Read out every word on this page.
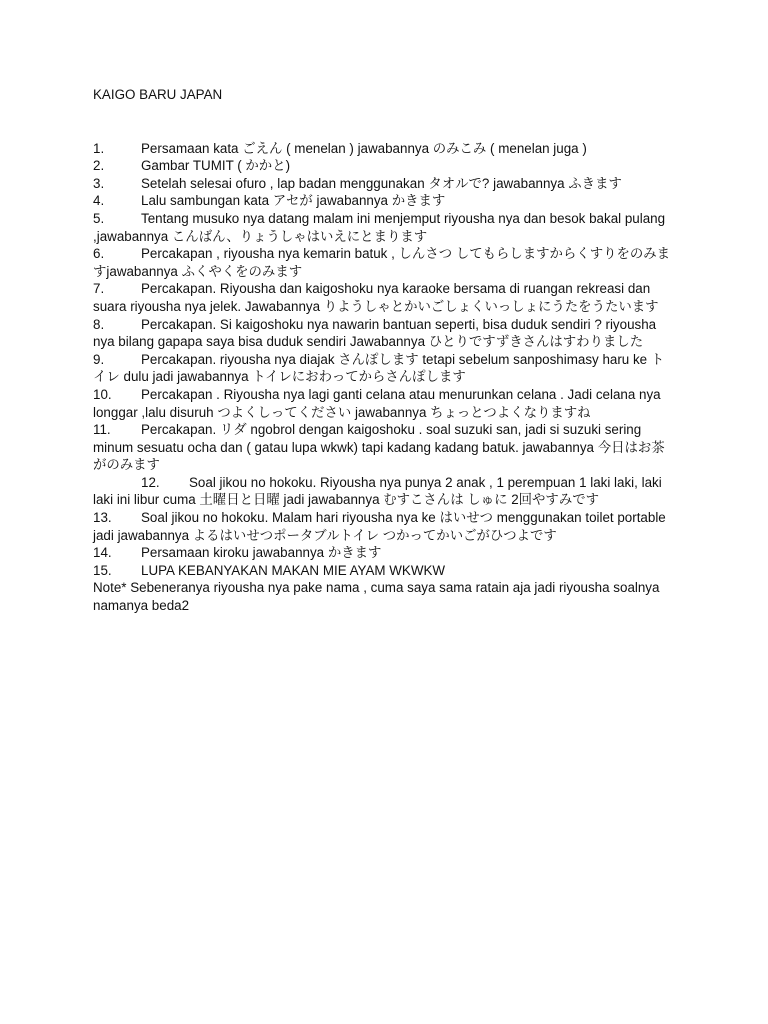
KAIGO BARU JAPAN
1.	Persamaan kata ごえん ( menelan ) jawabannya のみこみ ( menelan juga )
2.	Gambar TUMIT ( かかと)
3.	Setelah selesai ofuro , lap badan menggunakan タオルで? jawabannya ふきます
4.	Lalu sambungan kata アセが jawabannya かきます
5.	Tentang musuko nya datang malam ini menjemput riyousha nya dan besok bakal pulang ,jawabannya こんばん、りょうしゃはいえにとまります
6.	Percakapan , riyousha nya kemarin batuk , しんさつ してもらしますからくすりをのみますjawabannya ふくやくをのみます
7.	Percakapan. Riyousha dan kaigoshoku nya karaoke bersama di ruangan rekreasi dan suara riyousha nya jelek. Jawabannya りようしゃとかいごしょくいっしょにうたをうたいます
8.	Percakapan. Si kaigoshoku nya nawarin bantuan seperti, bisa duduk sendiri ? riyousha nya bilang gapapa saya bisa duduk sendiri Jawabannya ひとりですずきさんはすわりました
9.	Percakapan. riyousha nya diajak さんぽします tetapi sebelum sanposhimasy haru ke トイレ dulu jadi jawabannya トイレにおわってからさんぽします
10. Percakapan . Riyousha nya lagi ganti celana atau menurunkan celana . Jadi celana nya longgar ,lalu disuruh つよくしってください jawabannya ちょっとつよくなりますね
11. Percakapan. リダ ngobrol dengan kaigoshoku . soal suzuki san, jadi si suzuki sering minum sesuatu ocha dan ( gatau lupa wkwk) tapi kadang kadang batuk. jawabannya 今日はお茶がのみます
12. Soal jikou no hokoku. Riyousha nya punya 2 anak , 1 perempuan 1 laki laki, laki laki ini libur cuma 土曜日と日曜 jadi jawabannya むすこさんは しゅに 2回やすみです
13. Soal jikou no hokoku. Malam hari riyousha nya ke はいせつ menggunakan toilet portable jadi jawabannya よるはいせつポータブルトイレ つかってかいごがひつよです
14. Persamaan kiroku jawabannya かきます
15. LUPA KEBANYAKAN MAKAN MIE AYAM WKWKW
Note* Sebeneranya riyousha nya pake nama , cuma saya sama ratain aja jadi riyousha soalnya namanya beda2
